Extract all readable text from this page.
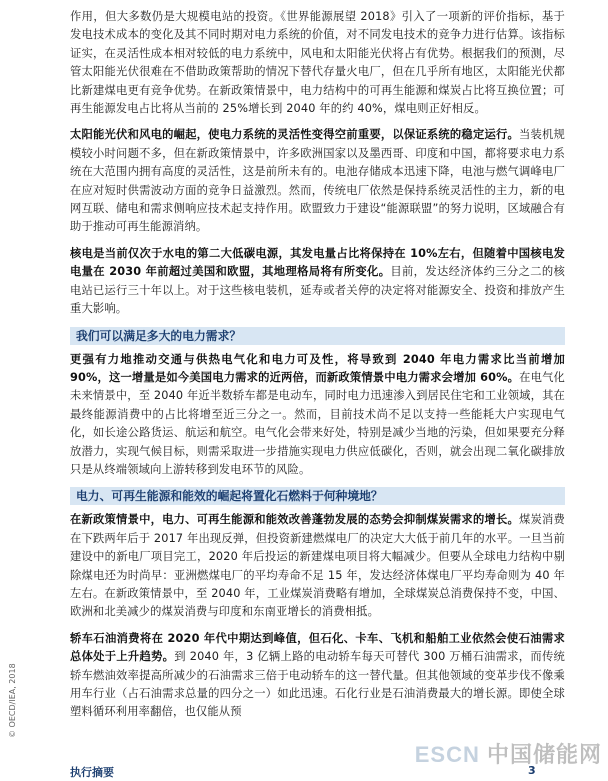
作用，但大多数仍是大规模电站的投资。《世界能源展望 2018》引入了一项新的评价指标，基于发电技术成本的变化及其不同时期对电力系统的价值，对不同发电技术的竞争力进行估算。该指标证实，在灵活性成本相对较低的电力系统中，风电和太阳能光伏将占有优势。根据我们的预测，尽管太阳能光伏很难在不借助政策帮助的情况下替代存量火电厂，但在几乎所有地区，太阳能光伏都比新建煤电更有竞争优势。在新政策情景中，电力结构中的可再生能源和煤炭占比将互换位置；可再生能源发电占比将从当前的 25%增长到 2040 年的约 40%，煤电则正好相反。

太阳能光伏和风电的崛起，使电力系统的灵活性变得空前重要，以保证系统的稳定运行。当装机规模较小时问题不多，但在新政策情景中，许多欧洲国家以及墨西哥、印度和中国，都将要求电力系统在大范围内拥有高度的灵活性，这是前所未有的。电池存储成本迅速下降，电池与燃气调峰电厂在应对短时供需波动方面的竞争日益激烈。然而，传统电厂依然是保持系统灵活性的主力，新的电网互联、储电和需求侧响应技术起支持作用。欧盟致力于建设“能源联盟”的努力说明，区域融合有助于推动可再生能源消纳。

核电是当前仅次于水电的第二大低碳电源，其发电量占比将保持在 10%左右，但随着中国核电发电量在 2030 年前超过美国和欧盟，其地理格局将有所变化。目前，发达经济体约三分之二的核电站已运行三十年以上。对于这些核电装机，延寿或者关停的决定将对能源安全、投资和排放产生重大影响。

我们可以满足多大的电力需求？

更强有力地推动交通与供热电气化和电力可及性，将导致到 2040 年电力需求比当前增加 90%，这一增量是如今美国电力需求的近两倍，而新政策情景中电力需求会增加 60%。在电气化未来情景中，至 2040 年近半数轿车都是电动车，同时电力迅速渗入到居民住宅和工业领域，其在最终能源消费中的占比将增至近三分之一。然而，目前技术尚不足以支持一些能耗大户实现电气化，如长途公路货运、航运和航空。电气化会带来好处，特别是减少当地的污染，但如果要充分释放潜力，实现气候目标，则需采取进一步措施实现电力供应低碳化，否则，就会出现二氧化碳排放只是从终端领域向上游转移到发电环节的风险。

电力、可再生能源和能效的崛起将置化石燃料于何种境地？

在新政策情景中，电力、可再生能源和能效改善蓬勃发展的态势会抑制煤炭需求的增长。煤炭消费在下跌两年后于 2017 年出现反弹，但投资新建燃煤电厂的决定大大低于前几年的水平。一旦当前建设中的新电厂项目完工，2020 年后投运的新建煤电项目将大幅减少。但要从全球电力结构中剔除煤电还为时尚早：亚洲燃煤电厂的平均寿命不足 15 年，发达经济体煤电厂平均寿命则为 40 年左右。在新政策情景中，至 2040 年，工业煤炭消费略有增加，全球煤炭总消费保持不变，中国、欧洲和北美减少的煤炭消费与印度和东南亚增长的消费相抵。

轿车石油消费将在 2020 年代中期达到峰值，但石化、卡车、飞机和船舶工业依然会使石油需求总体处于上升趋势。到 2040 年，3 亿辆上路的电动轿车每天可替代 300 万桶石油需求，而传统轿车燃油效率提高所减少的石油需求三倍于电动轿车的这一替代量。但其他领域的变革步伐不像乘用车行业（占石油需求总量的四分之一）如此迅速。石化行业是石油消费最大的增长源。即使全球塑料循环利用率翻倍，也仅能从预

© OECD/IEA, 2018
执行摘要	3
ESCN 中国储能网
